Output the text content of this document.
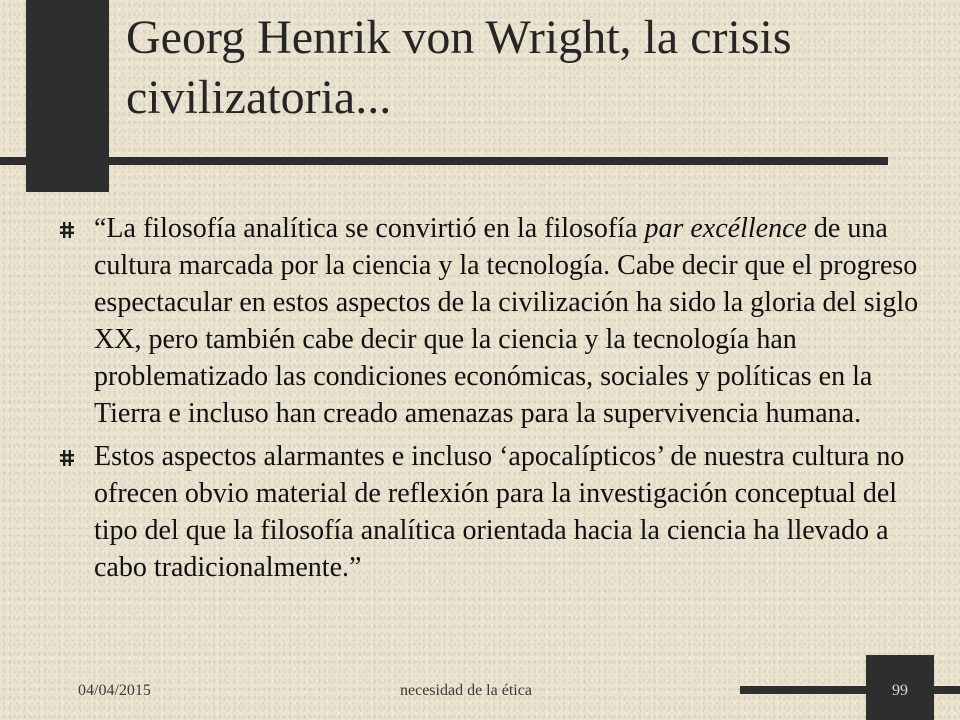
Georg Henrik von Wright, la crisis civilizatoria...
“La filosofía analítica se convirtió en la filosofía par excéllence de una cultura marcada por la ciencia y la tecnología. Cabe decir que el progreso espectacular en estos aspectos de la civilización ha sido la gloria del siglo XX, pero también cabe decir que la ciencia y la tecnología han problematizado las condiciones económicas, sociales y políticas en la Tierra e incluso han creado amenazas para la supervivencia humana.
Estos aspectos alarmantes e incluso ‘apocalípticos’ de nuestra cultura no ofrecen obvio material de reflexión para la investigación conceptual del tipo del que la filosofía analítica orientada hacia la ciencia ha llevado a cabo tradicionalmente.”
04/04/2015	necesidad de la ética	99
